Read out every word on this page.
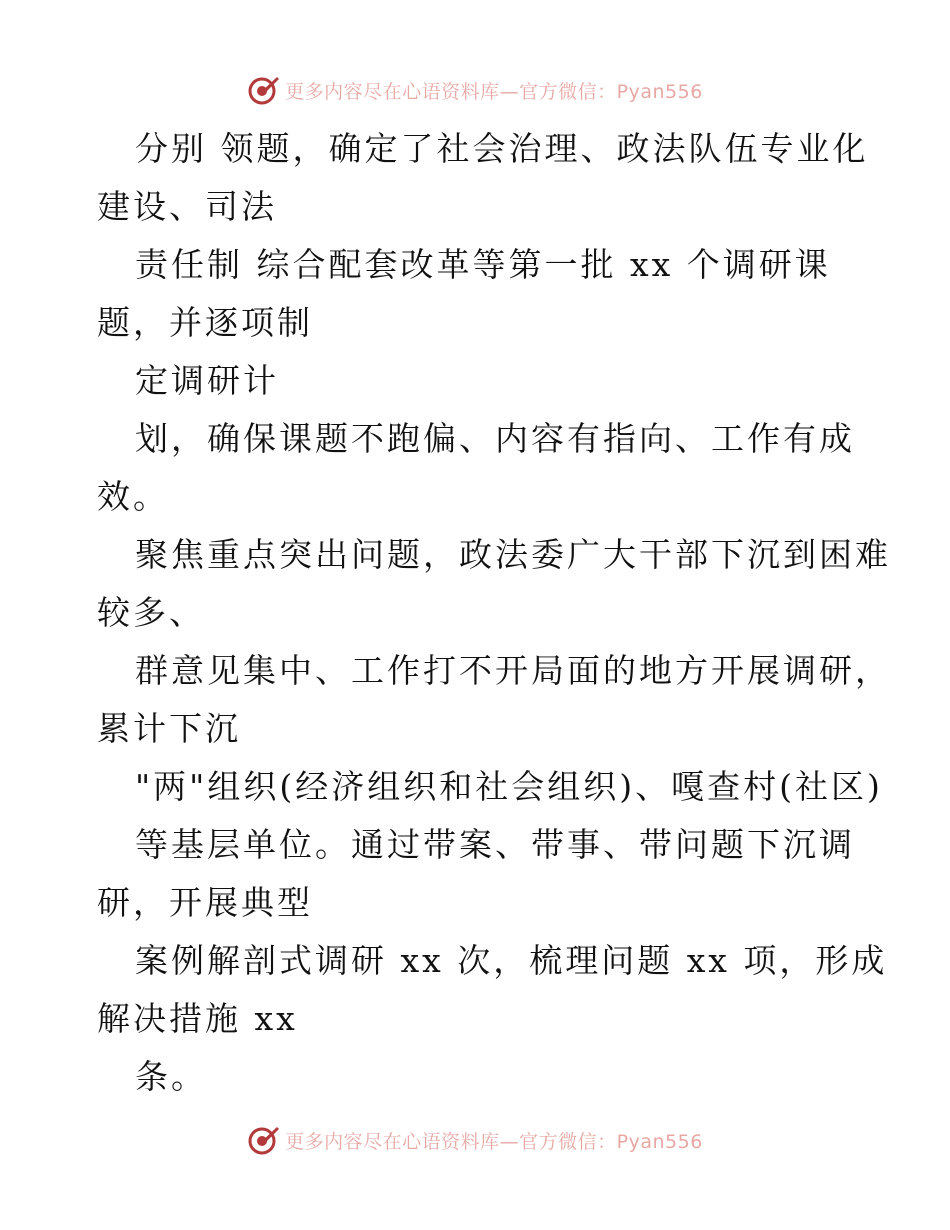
更多内容尽在心语资料库—官方微信：Pyan556
分别 领题，确定了社会治理、政法队伍专业化
建设、司法
责任制 综合配套改革等第一批 xx 个调研课
题，并逐项制
定调研计
划，确保课题不跑偏、内容有指向、工作有成
效。
聚焦重点突出问题，政法委广大干部下沉到困难
较多、
群意见集中、工作打不开局面的地方开展调研，
累计下沉
"两"组织(经济组织和社会组织)、嘎查村(社区)
等基层单位。通过带案、带事、带问题下沉调
研，开展典型
案例解剖式调研 xx 次，梳理问题 xx 项，形成
解决措施 xx
条。
更多内容尽在心语资料库—官方微信：Pyan556
